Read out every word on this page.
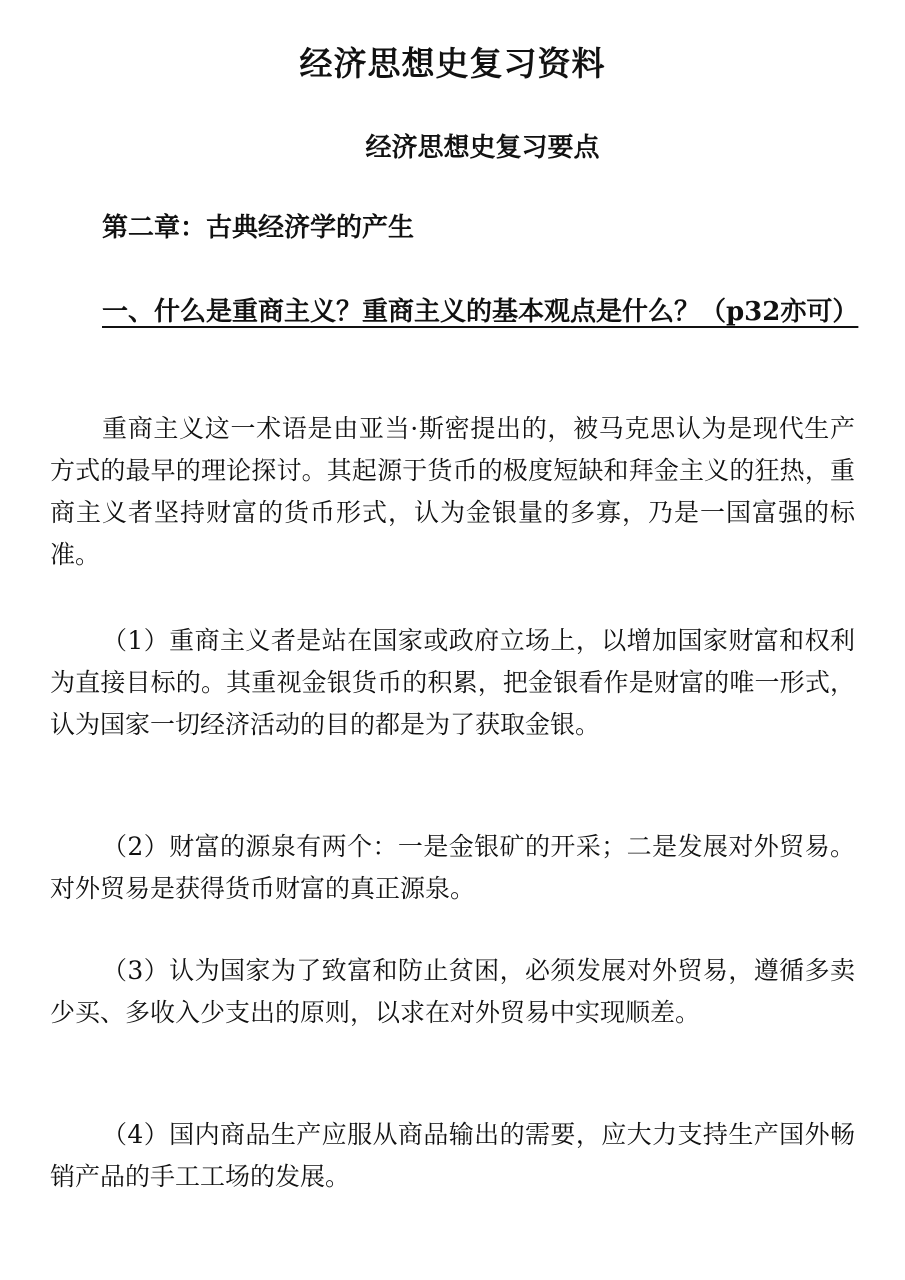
经济思想史复习资料
经济思想史复习要点
第二章：古典经济学的产生
一、什么是重商主义？重商主义的基本观点是什么？（p32亦可）
重商主义这一术语是由亚当·斯密提出的，被马克思认为是现代生产方式的最早的理论探讨。其起源于货币的极度短缺和拜金主义的狂热，重商主义者坚持财富的货币形式，认为金银量的多寡，乃是一国富强的标准。
（1）重商主义者是站在国家或政府立场上，以增加国家财富和权利为直接目标的。其重视金银货币的积累，把金银看作是财富的唯一形式，认为国家一切经济活动的目的都是为了获取金银。
（2）财富的源泉有两个：一是金银矿的开采；二是发展对外贸易。对外贸易是获得货币财富的真正源泉。
（3）认为国家为了致富和防止贫困，必须发展对外贸易，遵循多卖少买、多收入少支出的原则，以求在对外贸易中实现顺差。
（4）国内商品生产应服从商品输出的需要，应大力支持生产国外畅销产品的手工工场的发展。
